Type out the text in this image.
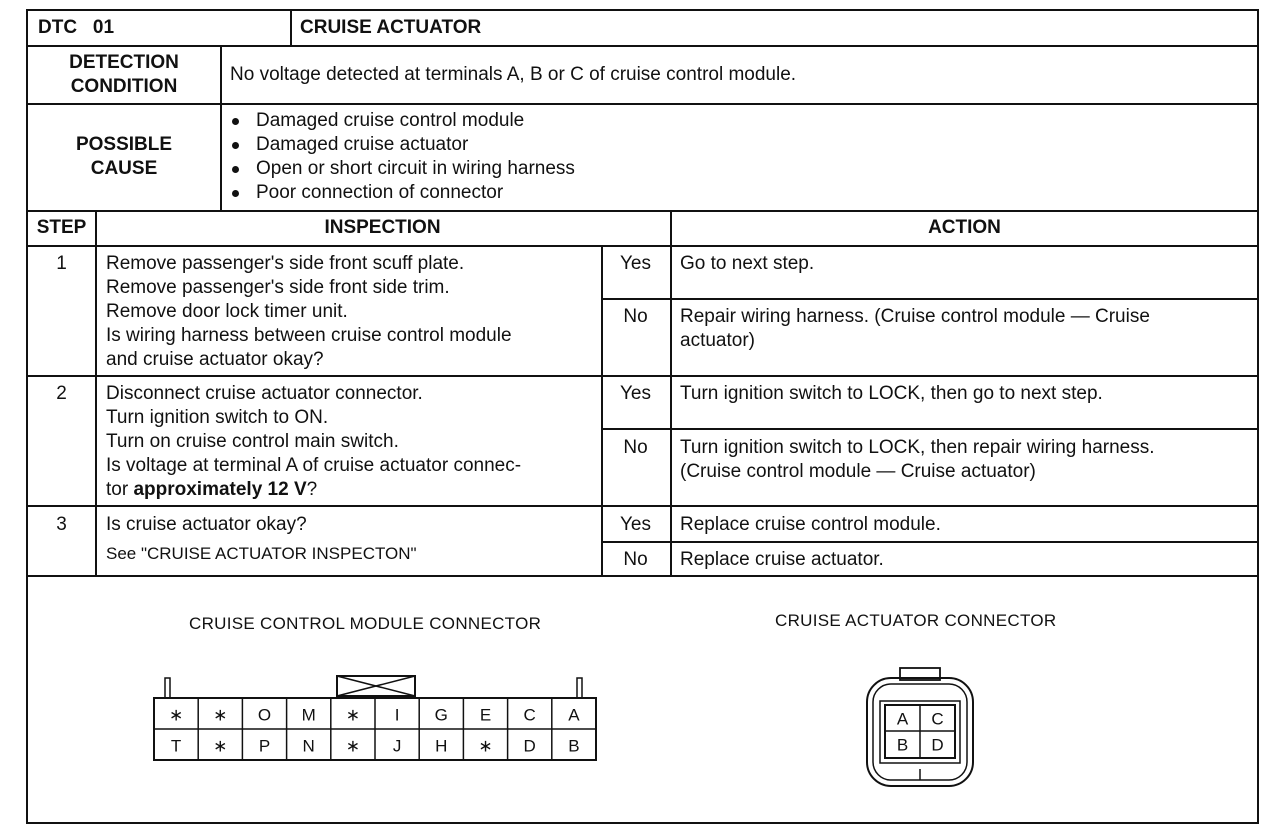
DTC 01	CRUISE ACTUATOR
DETECTION
CONDITION
No voltage detected at terminals A, B or C of cruise control module.
POSSIBLE
CAUSE
Damaged cruise control module
Damaged cruise actuator
Open or short circuit in wiring harness
Poor connection of connector
STEP	INSPECTION	ACTION
1	Remove passenger's side front scuff plate.
Remove passenger's side front side trim.
Remove door lock timer unit.
Is wiring harness between cruise control module
and cruise actuator okay?
Yes	Go to next step.
No	Repair wiring harness. (Cruise control module — Cruise
actuator)
2	Disconnect cruise actuator connector.
Turn ignition switch to ON.
Turn on cruise control main switch.
Is voltage at terminal A of cruise actuator connec-
tor approximately 12 V?
Yes	Turn ignition switch to LOCK, then go to next step.
No	Turn ignition switch to LOCK, then repair wiring harness.
(Cruise control module — Cruise actuator)
3	Is cruise actuator okay?
See "CRUISE ACTUATOR INSPECTON"
Yes	Replace cruise control module.
No	Replace cruise actuator.
CRUISE CONTROL MODULE CONNECTOR	CRUISE ACTUATOR CONNECTOR
∗ ∗ O M ∗ I G E C A
T ∗ P N ∗ J H ∗ D B
A C
B D
